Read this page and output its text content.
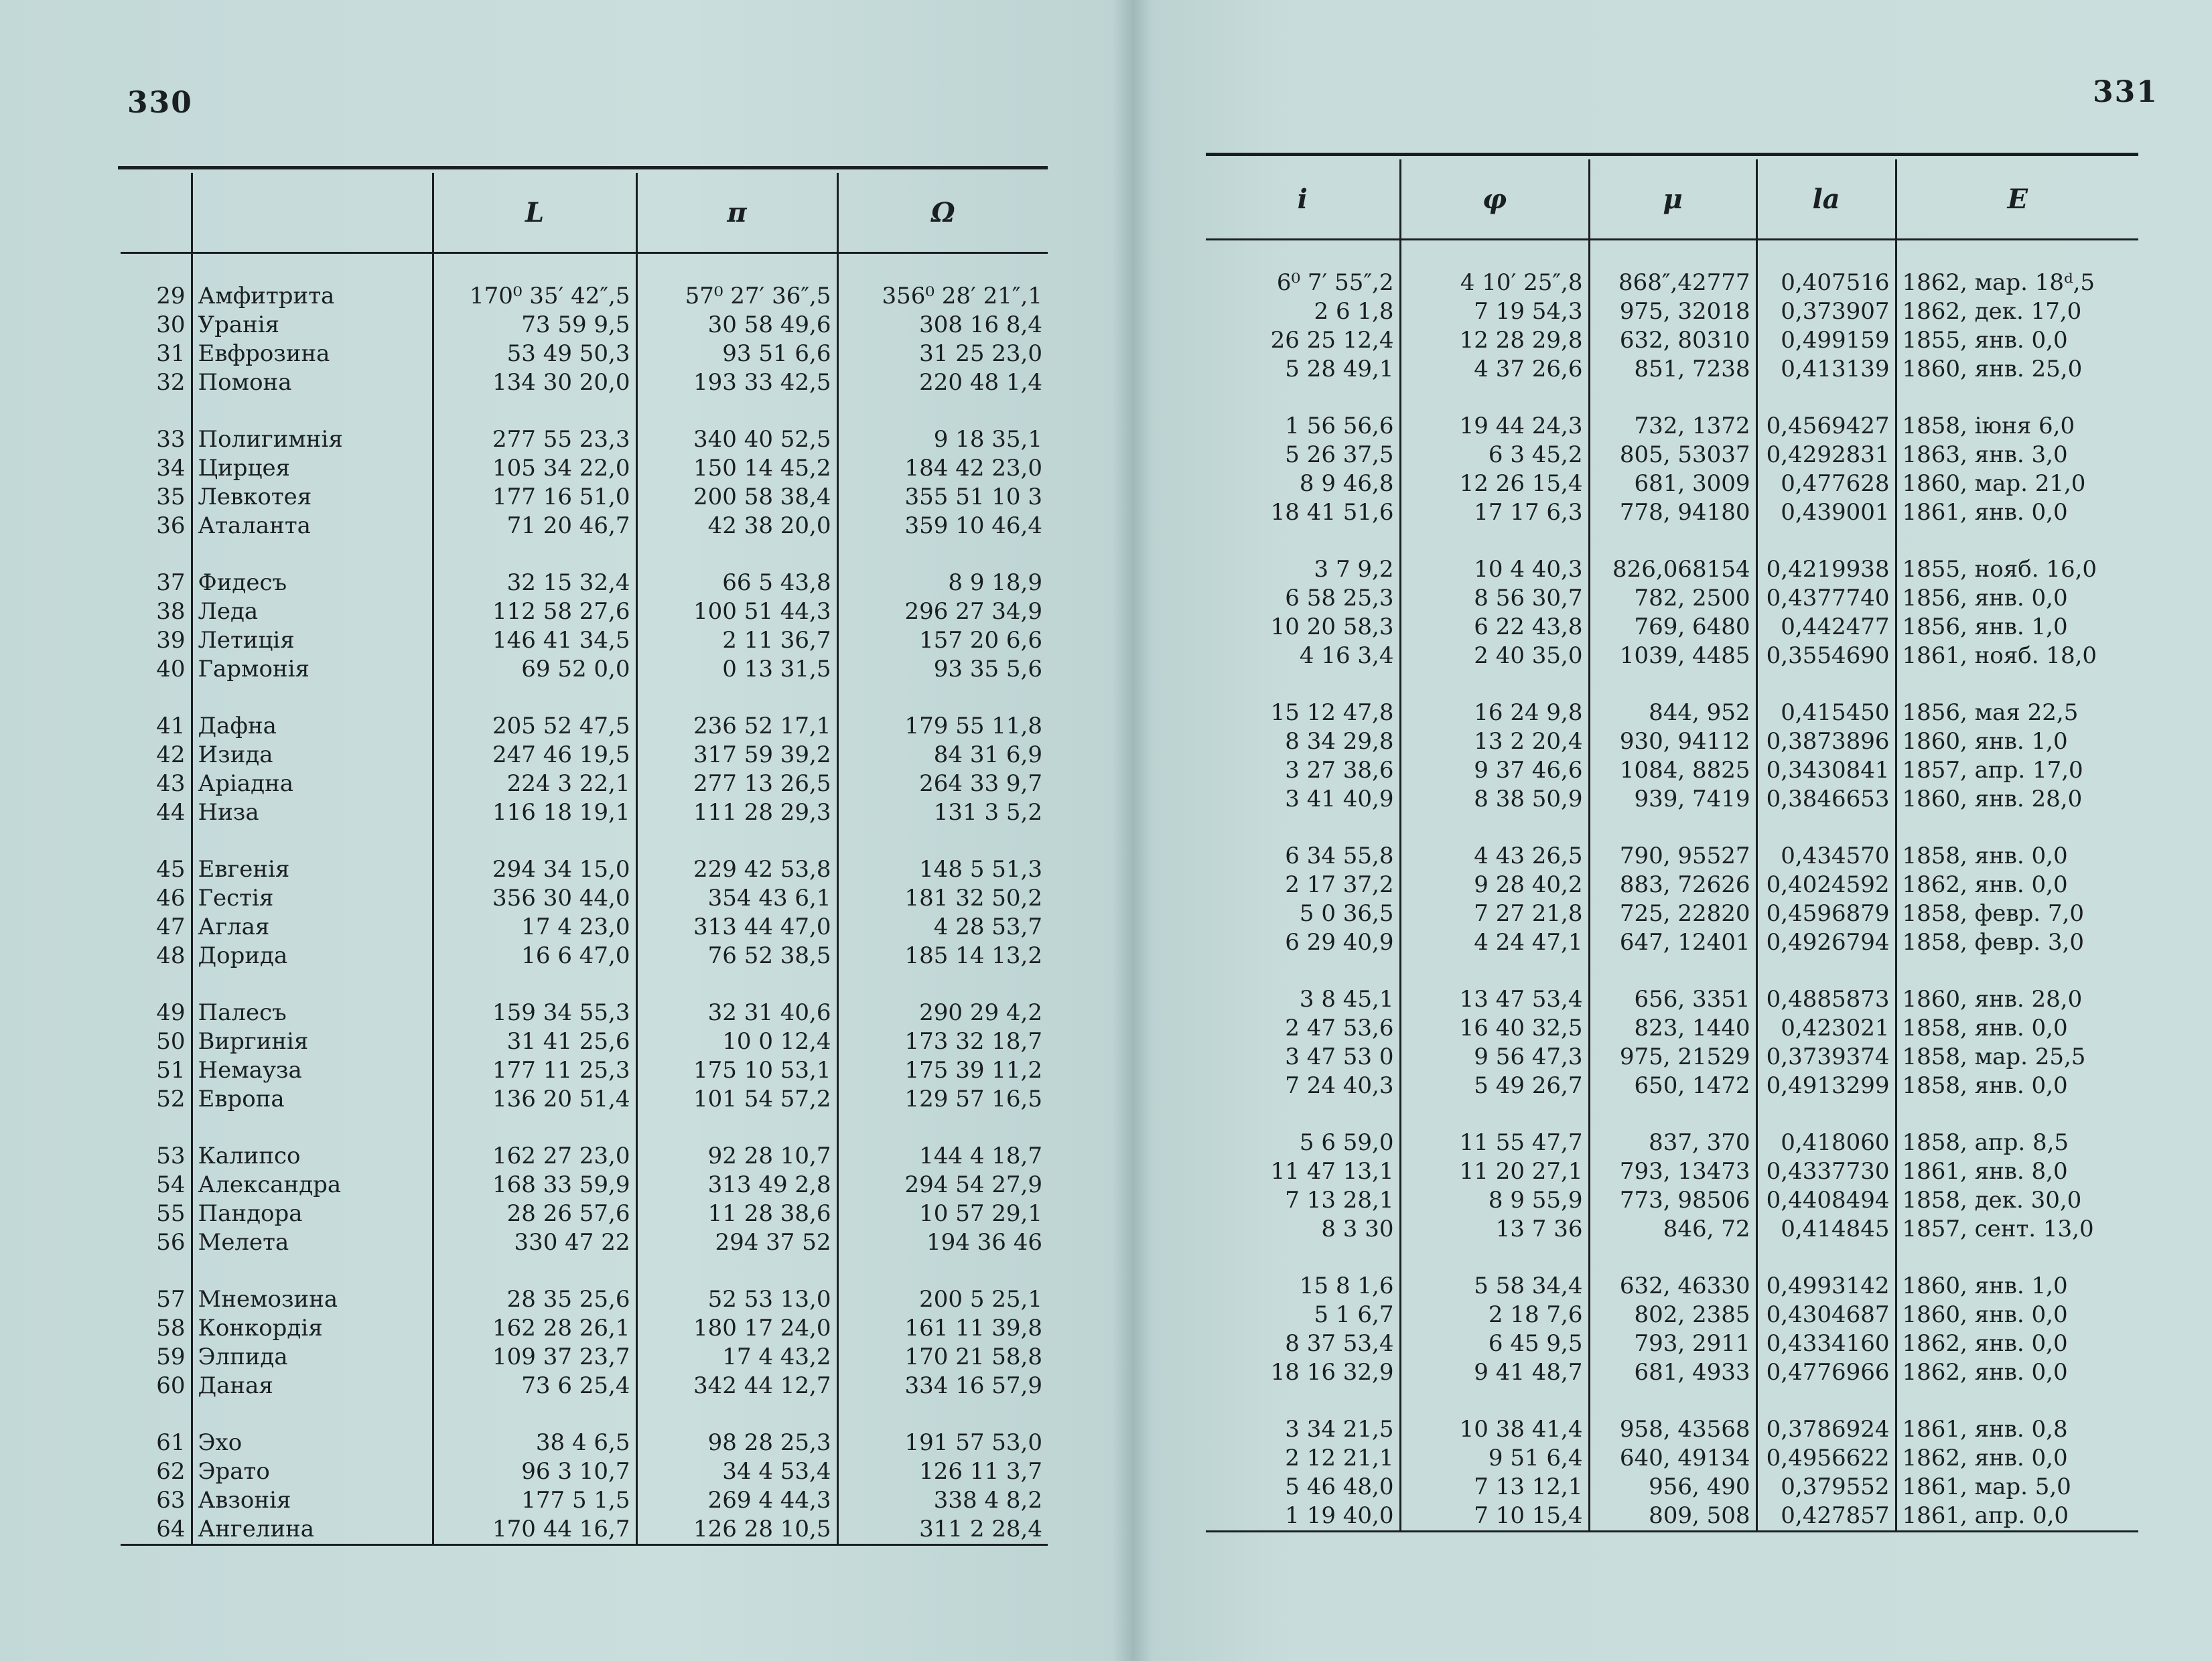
330	331
		L	π	Ω

29	Амфитрита	170⁰ 35′ 42″,5	57⁰ 27′ 36″,5	356⁰ 28′ 21″,1
30	Уранія	73 59 9,5	30 58 49,6	308 16 8,4
31	Евфрозина	53 49 50,3	93 51 6,6	31 25 23,0
32	Помона	134 30 20,0	193 33 42,5	220 48 1,4

33	Полигимнія	277 55 23,3	340 40 52,5	9 18 35,1
34	Цирцея	105 34 22,0	150 14 45,2	184 42 23,0
35	Левкотея	177 16 51,0	200 58 38,4	355 51 10 3
36	Аталанта	71 20 46,7	42 38 20,0	359 10 46,4

37	Фидесъ	32 15 32,4	66 5 43,8	8 9 18,9
38	Леда	112 58 27,6	100 51 44,3	296 27 34,9
39	Летиція	146 41 34,5	2 11 36,7	157 20 6,6
40	Гармонія	69 52 0,0	0 13 31,5	93 35 5,6

41	Дафна	205 52 47,5	236 52 17,1	179 55 11,8
42	Изида	247 46 19,5	317 59 39,2	84 31 6,9
43	Аріадна	224 3 22,1	277 13 26,5	264 33 9,7
44	Низа	116 18 19,1	111 28 29,3	131 3 5,2

45	Евгенія	294 34 15,0	229 42 53,8	148 5 51,3
46	Гестія	356 30 44,0	354 43 6,1	181 32 50,2
47	Аглая	17 4 23,0	313 44 47,0	4 28 53,7
48	Дорида	16 6 47,0	76 52 38,5	185 14 13,2

49	Палесъ	159 34 55,3	32 31 40,6	290 29 4,2
50	Виргинія	31 41 25,6	10 0 12,4	173 32 18,7
51	Немауза	177 11 25,3	175 10 53,1	175 39 11,2
52	Европа	136 20 51,4	101 54 57,2	129 57 16,5

53	Калипсо	162 27 23,0	92 28 10,7	144 4 18,7
54	Александра	168 33 59,9	313 49 2,8	294 54 27,9
55	Пандора	28 26 57,6	11 28 38,6	10 57 29,1
56	Мелета	330 47 22	294 37 52	194 36 46

57	Мнемозина	28 35 25,6	52 53 13,0	200 5 25,1
58	Конкордія	162 28 26,1	180 17 24,0	161 11 39,8
59	Элпида	109 37 23,7	17 4 43,2	170 21 58,8
60	Даная	73 6 25,4	342 44 12,7	334 16 57,9

61	Эхо	38 4 6,5	98 28 25,3	191 57 53,0
62	Эрато	96 3 10,7	34 4 53,4	126 11 3,7
63	Авзонія	177 5 1,5	269 4 44,3	338 4 8,2
64	Ангелина	170 44 16,7	126 28 10,5	311 2 28,4
i	φ	μ	la	E

6⁰ 7′ 55″,2	4 10′ 25″,8	868″,42777	0,407516	1862, мар. 18ᵈ,5
2 6 1,8	7 19 54,3	975, 32018	0,373907	1862, дек. 17,0
26 25 12,4	12 28 29,8	632, 80310	0,499159	1855, янв. 0,0
5 28 49,1	4 37 26,6	851, 7238	0,413139	1860, янв. 25,0

1 56 56,6	19 44 24,3	732, 1372	0,4569427	1858, іюня 6,0
5 26 37,5	6 3 45,2	805, 53037	0,4292831	1863, янв. 3,0
8 9 46,8	12 26 15,4	681, 3009	0,477628	1860, мар. 21,0
18 41 51,6	17 17 6,3	778, 94180	0,439001	1861, янв. 0,0

3 7 9,2	10 4 40,3	826,068154	0,4219938	1855, нояб. 16,0
6 58 25,3	8 56 30,7	782, 2500	0,4377740	1856, янв. 0,0
10 20 58,3	6 22 43,8	769, 6480	0,442477	1856, янв. 1,0
4 16 3,4	2 40 35,0	1039, 4485	0,3554690	1861, нояб. 18,0

15 12 47,8	16 24 9,8	844, 952	0,415450	1856, мая 22,5
8 34 29,8	13 2 20,4	930, 94112	0,3873896	1860, янв. 1,0
3 27 38,6	9 37 46,6	1084, 8825	0,3430841	1857, апр. 17,0
3 41 40,9	8 38 50,9	939, 7419	0,3846653	1860, янв. 28,0

6 34 55,8	4 43 26,5	790, 95527	0,434570	1858, янв. 0,0
2 17 37,2	9 28 40,2	883, 72626	0,4024592	1862, янв. 0,0
5 0 36,5	7 27 21,8	725, 22820	0,4596879	1858, февр. 7,0
6 29 40,9	4 24 47,1	647, 12401	0,4926794	1858, февр. 3,0

3 8 45,1	13 47 53,4	656, 3351	0,4885873	1860, янв. 28,0
2 47 53,6	16 40 32,5	823, 1440	0,423021	1858, янв. 0,0
3 47 53 0	9 56 47,3	975, 21529	0,3739374	1858, мар. 25,5
7 24 40,3	5 49 26,7	650, 1472	0,4913299	1858, янв. 0,0

5 6 59,0	11 55 47,7	837, 370	0,418060	1858, апр. 8,5
11 47 13,1	11 20 27,1	793, 13473	0,4337730	1861, янв. 8,0
7 13 28,1	8 9 55,9	773, 98506	0,4408494	1858, дек. 30,0
8 3 30	13 7 36	846, 72	0,414845	1857, сент. 13,0

15 8 1,6	5 58 34,4	632, 46330	0,4993142	1860, янв. 1,0
5 1 6,7	2 18 7,6	802, 2385	0,4304687	1860, янв. 0,0
8 37 53,4	6 45 9,5	793, 2911	0,4334160	1862, янв. 0,0
18 16 32,9	9 41 48,7	681, 4933	0,4776966	1862, янв. 0,0

3 34 21,5	10 38 41,4	958, 43568	0,3786924	1861, янв. 0,8
2 12 21,1	9 51 6,4	640, 49134	0,4956622	1862, янв. 0,0
5 46 48,0	7 13 12,1	956, 490	0,379552	1861, мар. 5,0
1 19 40,0	7 10 15,4	809, 508	0,427857	1861, апр. 0,0
